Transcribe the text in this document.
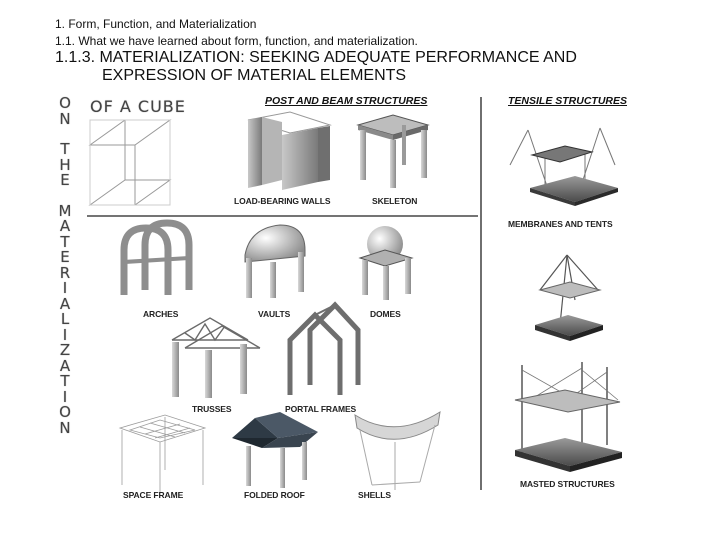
1. Form, Function, and Materialization
1.1. What we have learned about form, function, and materialization.
1.1.3. MATERIALIZATION: SEEKING ADEQUATE PERFORMANCE AND
EXPRESSION OF MATERIAL ELEMENTS
O
N
T
H
E
M
A
T
E
R
I
A
L
I
Z
A
T
I
O
N
OF A CUBE	POST AND BEAM STRUCTURES	TENSILE STRUCTURES
LOAD-BEARING WALLS	SKELETON
MEMBRANES AND TENTS
ARCHES	VAULTS	DOMES
TRUSSES	PORTAL FRAMES
MASTED STRUCTURES
SPACE FRAME	FOLDED ROOF	SHELLS
